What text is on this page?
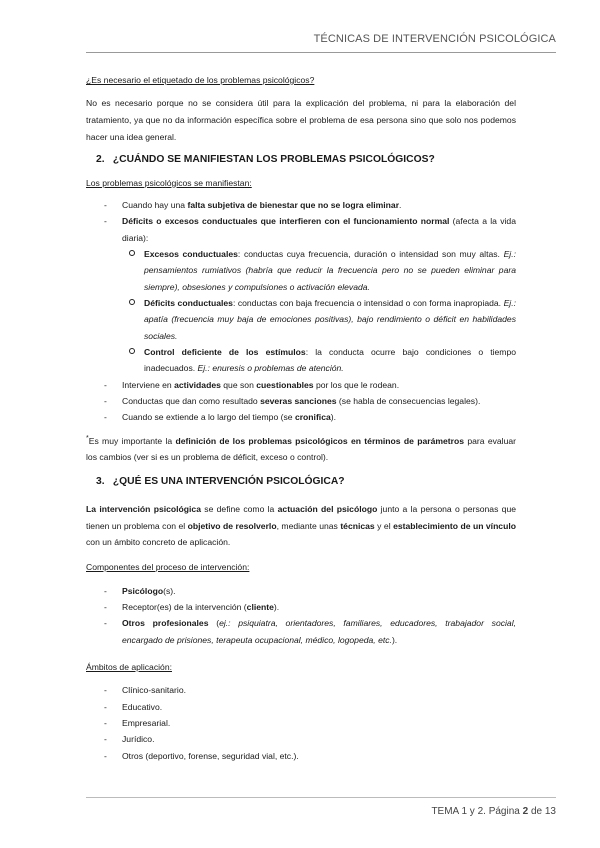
TÉCNICAS DE INTERVENCIÓN PSICOLÓGICA

¿Es necesario el etiquetado de los problemas psicológicos?

No es necesario porque no se considera útil para la explicación del problema, ni para la elaboración del tratamiento, ya que no da información específica sobre el problema de esa persona sino que solo nos podemos hacer una idea general.

2. ¿CUÁNDO SE MANIFIESTAN LOS PROBLEMAS PSICOLÓGICOS?

Los problemas psicológicos se manifiestan:

- Cuando hay una falta subjetiva de bienestar que no se logra eliminar.
- Déficits o excesos conductuales que interfieren con el funcionamiento normal (afecta a la vida diaria):
Excesos conductuales: conductas cuya frecuencia, duración o intensidad son muy altas. Ej.: pensamientos rumiativos (habría que reducir la frecuencia pero no se pueden eliminar para siempre), obsesiones y compulsiones o activación elevada.
Déficits conductuales: conductas con baja frecuencia o intensidad o con forma inapropiada. Ej.: apatía (frecuencia muy baja de emociones positivas), bajo rendimiento o déficit en habilidades sociales.
Control deficiente de los estímulos: la conducta ocurre bajo condiciones o tiempo inadecuados. Ej.: enuresis o problemas de atención.
- Interviene en actividades que son cuestionables por los que le rodean.
- Conductas que dan como resultado severas sanciones (se habla de consecuencias legales).
- Cuando se extiende a lo largo del tiempo (se cronifica).

*Es muy importante la definición de los problemas psicológicos en términos de parámetros para evaluar los cambios (ver si es un problema de déficit, exceso o control).

3. ¿QUÉ ES UNA INTERVENCIÓN PSICOLÓGICA?

La intervención psicológica se define como la actuación del psicólogo junto a la persona o personas que tienen un problema con el objetivo de resolverlo, mediante unas técnicas y el establecimiento de un vínculo con un ámbito concreto de aplicación.

Componentes del proceso de intervención:

- Psicólogo(s).
- Receptor(es) de la intervención (cliente).
- Otros profesionales (ej.: psiquiatra, orientadores, familiares, educadores, trabajador social, encargado de prisiones, terapeuta ocupacional, médico, logopeda, etc.).

Ámbitos de aplicación:

- Clínico-sanitario.
- Educativo.
- Empresarial.
- Jurídico.
- Otros (deportivo, forense, seguridad vial, etc.).
TEMA 1 y 2. Página 2 de 13
